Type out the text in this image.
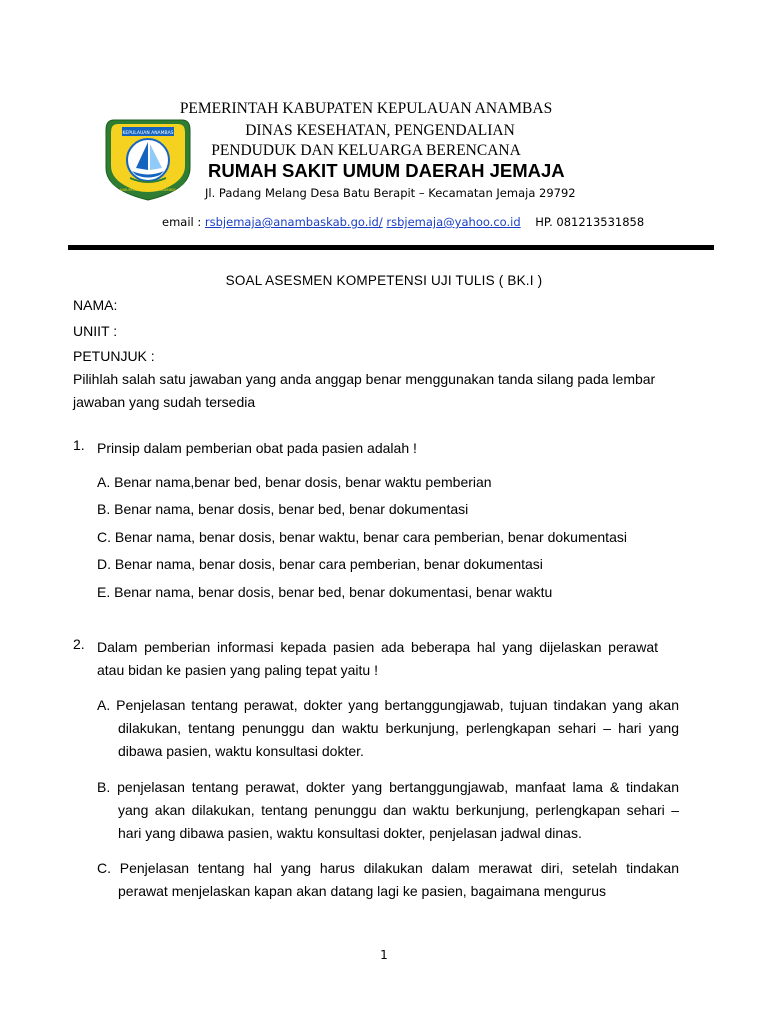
KEPULAUAN ANAMBAS
KABUPATEN KEPULAUAN ANAMBAS
PEMERINTAH KABUPATEN KEPULAUAN ANAMBAS
DINAS KESEHATAN, PENGENDALIAN
PENDUDUK DAN KELUARGA BERENCANA
RUMAH SAKIT UMUM DAERAH JEMAJA
Jl. Padang Melang Desa Batu Berapit – Kecamatan Jemaja 29792
email : rsbjemaja@anambaskab.go.id/ rsbjemaja@yahoo.co.id HP. 081213531858
SOAL ASESMEN KOMPETENSI UJI TULIS ( BK.I )
NAMA:
UNIIT :
PETUNJUK :
Pilihlah salah satu jawaban yang anda anggap benar menggunakan tanda silang pada lembar jawaban yang sudah tersedia
1. Prinsip dalam pemberian obat pada pasien adalah !
A. Benar nama,benar bed, benar dosis, benar waktu pemberian
B. Benar nama, benar dosis, benar bed, benar dokumentasi
C. Benar nama, benar dosis, benar waktu, benar cara pemberian, benar dokumentasi
D. Benar nama, benar dosis, benar cara pemberian, benar dokumentasi
E. Benar nama, benar dosis, benar bed, benar dokumentasi, benar waktu
2. Dalam pemberian informasi kepada pasien ada beberapa hal yang dijelaskan perawat atau bidan ke pasien yang paling tepat yaitu !
A. Penjelasan tentang perawat, dokter yang bertanggungjawab, tujuan tindakan yang akan dilakukan, tentang penunggu dan waktu berkunjung, perlengkapan sehari – hari yang dibawa pasien, waktu konsultasi dokter.
B. penjelasan tentang perawat, dokter yang bertanggungjawab, manfaat lama & tindakan yang akan dilakukan, tentang penunggu dan waktu berkunjung, perlengkapan sehari – hari yang dibawa pasien, waktu konsultasi dokter, penjelasan jadwal dinas.
C. Penjelasan tentang hal yang harus dilakukan dalam merawat diri, setelah tindakan perawat menjelaskan kapan akan datang lagi ke pasien, bagaimana mengurus
1
